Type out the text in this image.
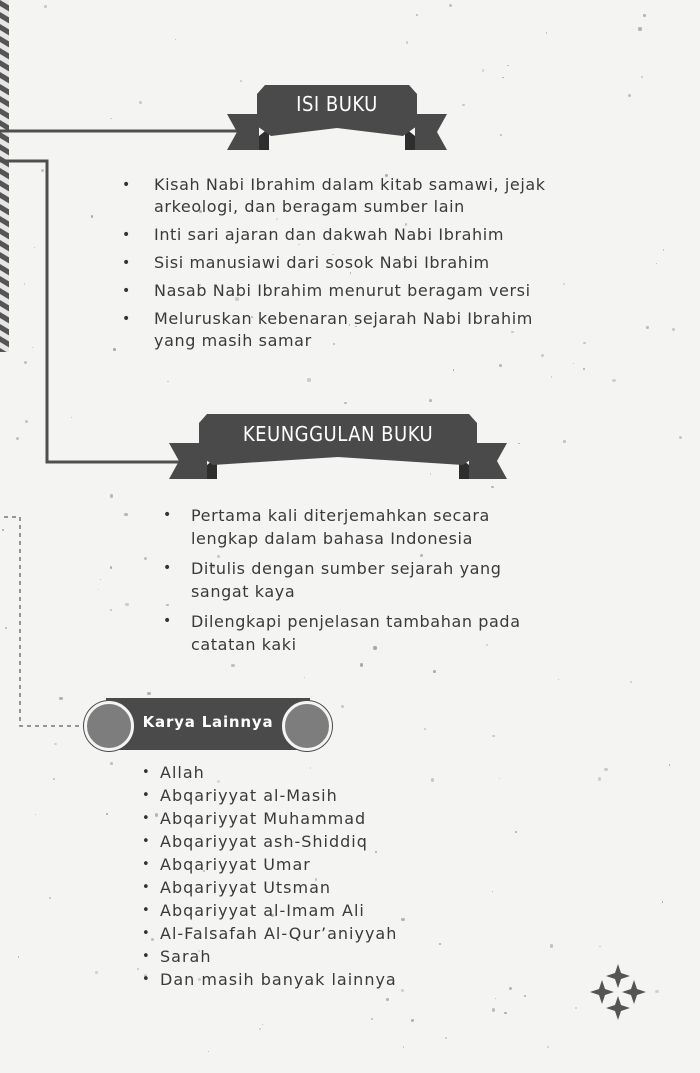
ISI BUKU
• Kisah Nabi Ibrahim dalam kitab samawi, jejak arkeologi, dan beragam sumber lain
• Inti sari ajaran dan dakwah Nabi Ibrahim
• Sisi manusiawi dari sosok Nabi Ibrahim
• Nasab Nabi Ibrahim menurut beragam versi
• Meluruskan kebenaran sejarah Nabi Ibrahim yang masih samar
KEUNGGULAN BUKU
• Pertama kali diterjemahkan secara lengkap dalam bahasa Indonesia
• Ditulis dengan sumber sejarah yang sangat kaya
• Dilengkapi penjelasan tambahan pada catatan kaki
Karya Lainnya
• Allah
• Abqariyyat al-Masih
• Abqariyyat Muhammad
• Abqariyyat ash-Shiddiq
• Abqariyyat Umar
• Abqariyyat Utsman
• Abqariyyat al-Imam Ali
• Al-Falsafah Al-Qur’aniyyah
• Sarah
• Dan masih banyak lainnya
